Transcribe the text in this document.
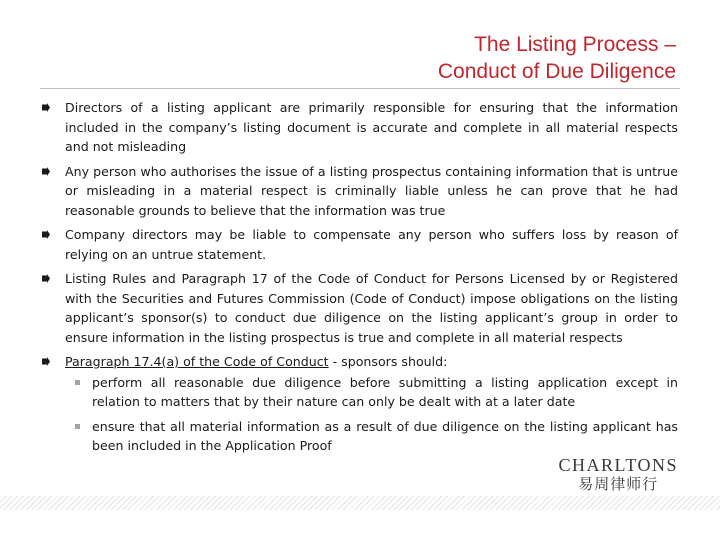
The Listing Process –
Conduct of Due Diligence
Directors of a listing applicant are primarily responsible for ensuring that the information included in the company’s listing document is accurate and complete in all material respects and not misleading
Any person who authorises the issue of a listing prospectus containing information that is untrue or misleading in a material respect is criminally liable unless he can prove that he had reasonable grounds to believe that the information was true
Company directors may be liable to compensate any person who suffers loss by reason of relying on an untrue statement.
Listing Rules and Paragraph 17 of the Code of Conduct for Persons Licensed by or Registered with the Securities and Futures Commission (Code of Conduct) impose obligations on the listing applicant’s sponsor(s) to conduct due diligence on the listing applicant’s group in order to ensure information in the listing prospectus is true and complete in all material respects
Paragraph 17.4(a) of the Code of Conduct - sponsors should:
perform all reasonable due diligence before submitting a listing application except in relation to matters that by their nature can only be dealt with at a later date
ensure that all material information as a result of due diligence on the listing applicant has been included in the Application Proof
CHARLTONS
易周律师行
